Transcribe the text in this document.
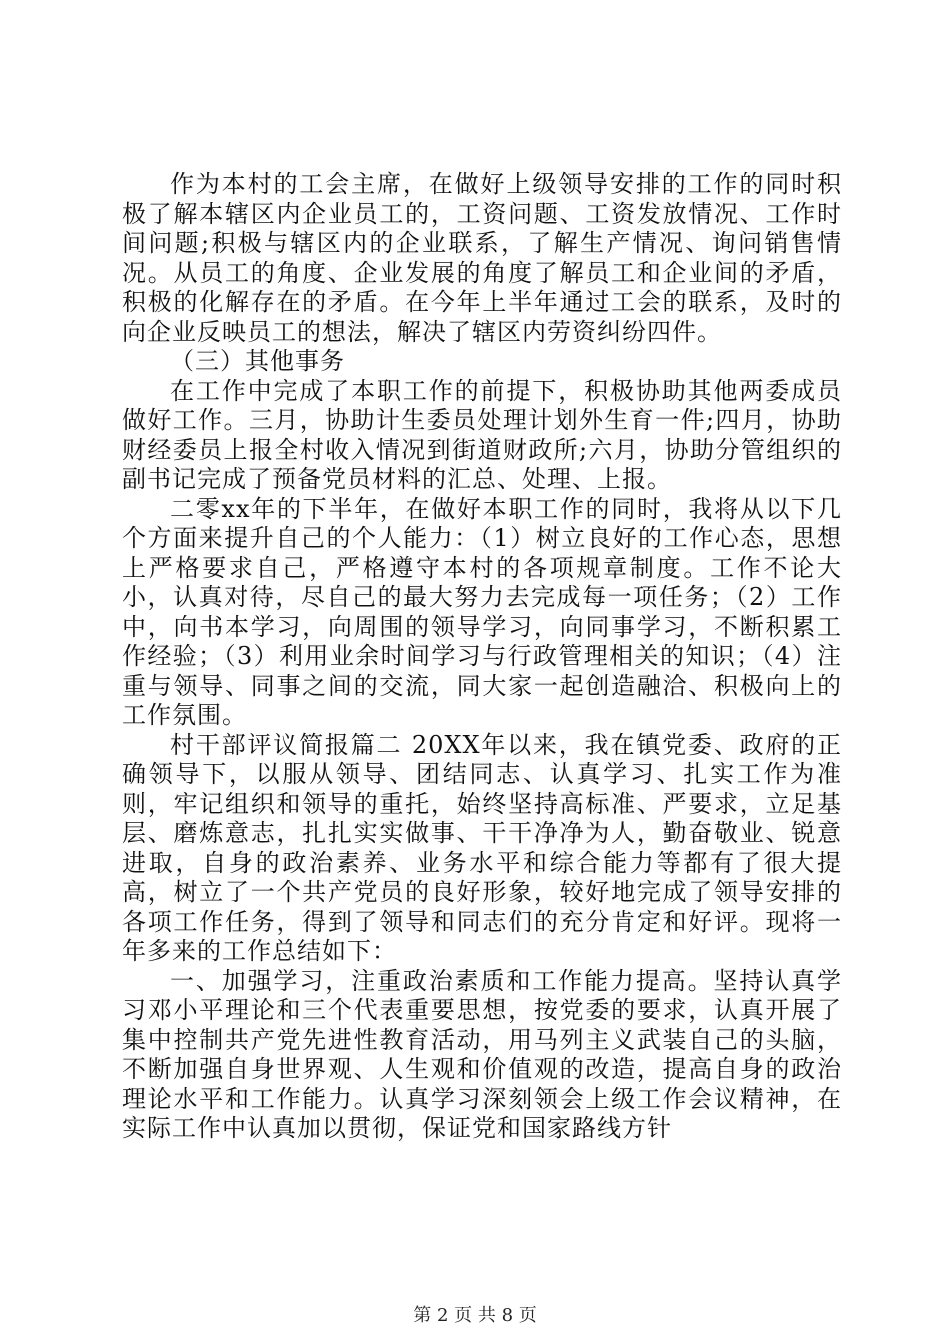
作为本村的工会主席，在做好上级领导安排的工作的同时积极了解本辖区内企业员工的，工资问题、工资发放情况、工作时间问题;积极与辖区内的企业联系，了解生产情况、询问销售情况。从员工的角度、企业发展的角度了解员工和企业间的矛盾，积极的化解存在的矛盾。在今年上半年通过工会的联系，及时的向企业反映员工的想法，解决了辖区内劳资纠纷四件。

（三）其他事务

在工作中完成了本职工作的前提下，积极协助其他两委成员做好工作。三月，协助计生委员处理计划外生育一件;四月，协助财经委员上报全村收入情况到街道财政所;六月，协助分管组织的副书记完成了预备党员材料的汇总、处理、上报。

二零xx年的下半年，在做好本职工作的同时，我将从以下几个方面来提升自己的个人能力：（1）树立良好的工作心态，思想上严格要求自己，严格遵守本村的各项规章制度。工作不论大小，认真对待，尽自己的最大努力去完成每一项任务；（2）工作中，向书本学习，向周围的领导学习，向同事学习，不断积累工作经验；（3）利用业余时间学习与行政管理相关的知识；（4）注重与领导、同事之间的交流，同大家一起创造融洽、积极向上的工作氛围。

村干部评议简报篇二 20XX年以来，我在镇党委、政府的正确领导下，以服从领导、团结同志、认真学习、扎实工作为准则，牢记组织和领导的重托，始终坚持高标准、严要求，立足基层、磨炼意志，扎扎实实做事、干干净净为人，勤奋敬业、锐意进取，自身的政治素养、业务水平和综合能力等都有了很大提高，树立了一个共产党员的良好形象，较好地完成了领导安排的各项工作任务，得到了领导和同志们的充分肯定和好评。现将一年多来的工作总结如下：

一、加强学习，注重政治素质和工作能力提高。坚持认真学习邓小平理论和三个代表重要思想，按党委的要求，认真开展了集中控制共产党先进性教育活动，用马列主义武装自己的头脑，不断加强自身世界观、人生观和价值观的改造，提高自身的政治理论水平和工作能力。认真学习深刻领会上级工作会议精神，在实际工作中认真加以贯彻，保证党和国家路线方针

第 2 页 共 8 页
